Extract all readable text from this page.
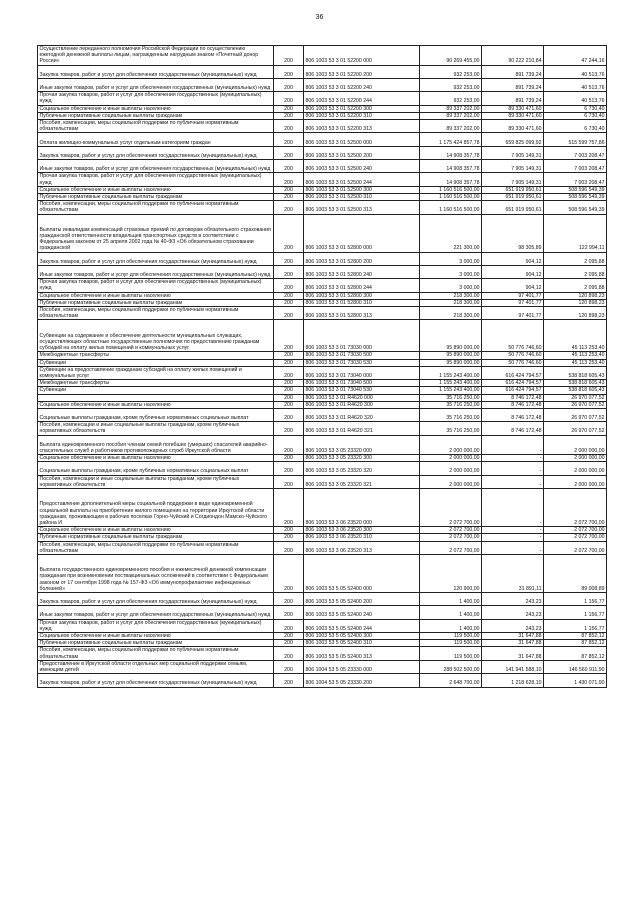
36
Осуществление переданного полномочия Российской Федерации по осуществлению ежегодной денежной выплаты лицам, награжденным нагрудным знаком «Почетный донор России»	200	806 1003 53 3 01 52200 000	90 269 455,00	90 222 210,84	47 244,16
Закупка товаров, работ и услуг для обеспечения государственных (муниципальных) нужд	200	806 1003 53 3 01 52200 200	932 253,00	891 739,24	40 513,76
Иные закупки товаров, работ и услуг для обеспечения государственных (муниципальных) нужд	200	806 1003 53 3 01 52200 240	932 253,00	891 739,24	40 513,76
Прочая закупка товаров, работ и услуг для обеспечения государственных (муниципальных) нужд	200	806 1003 53 3 01 52200 244	932 253,00	891 739,24	40 513,76
Социальное обеспечение и иные выплаты населению	200	806 1003 53 3 01 52200 300	89 337 202,00	89 330 471,60	6 730,40
Публичные нормативные социальные выплаты гражданам	200	806 1003 53 3 01 52200 310	89 337 202,00	89 330 471,60	6 730,40
Пособия, компенсации, меры социальной поддержки по публичным нормативным обязательствам	200	806 1003 53 3 01 52200 313	89 337 202,00	89 330 471,60	6 730,40
Оплата жилищно-коммунальных услуг отдельным категориям граждан	200	806 1003 53 3 01 52500 000	1 175 424 857,78	659 825 099,92	515 599 757,86
Закупка товаров, работ и услуг для обеспечения государственных (муниципальных) нужд	200	806 1003 53 3 01 52500 200	14 908 357,78	7 905 149,31	7 003 208,47
Иные закупки товаров, работ и услуг для обеспечения государственных (муниципальных) нужд	200	806 1003 53 3 01 52500 240	14 908 357,78	7 905 149,31	7 003 208,47
Прочая закупка товаров, работ и услуг для обеспечения государственных (муниципальных) нужд	200	806 1003 53 3 01 52500 244	14 908 357,78	7 905 149,31	7 003 208,47
Социальное обеспечение и иные выплаты населению	200	806 1003 53 3 01 52500 300	1 160 516 500,00	651 919 950,61	508 596 549,39
Публичные нормативные социальные выплаты гражданам	200	806 1003 53 3 01 52500 310	1 160 516 500,00	651 919 950,61	508 596 549,39
Пособия, компенсации, меры социальной поддержки по публичным нормативным обязательствам	200	806 1003 53 3 01 52500 313	1 160 516 500,00	651 919 950,61	508 596 549,39
Выплаты инвалидам компенсаций страховых премий по договорам обязательного страхования гражданской ответственности владельцев транспортных средств в соответствии с Федеральным законом от 25 апреля 2002 года № 40-ФЗ «Об обязательном страховании гражданской	200	806 1003 53 3 01 52800 000	221 300,00	98 305,89	122 994,11
Закупка товаров, работ и услуг для обеспечения государственных (муниципальных) нужд	200	806 1003 53 3 01 52800 200	3 000,00	904,12	2 095,88
Иные закупки товаров, работ и услуг для обеспечения государственных (муниципальных) нужд	200	806 1003 53 3 01 52800 240	3 000,00	904,12	2 095,88
Прочая закупка товаров, работ и услуг для обеспечения государственных (муниципальных) нужд	200	806 1003 53 3 01 52800 244	3 000,00	904,12	2 095,88
Социальное обеспечение и иные выплаты населению	200	806 1003 53 3 01 52800 300	218 300,00	97 401,77	120 898,23
Публичные нормативные социальные выплаты гражданам	200	806 1003 53 3 01 52800 310	218 300,00	97 401,77	120 898,23
Пособия, компенсации, меры социальной поддержки по публичным нормативным обязательствам	200	806 1003 53 3 01 52800 313	218 300,00	97 401,77	120 898,23
Субвенции на содержание и обеспечение деятельности муниципальных служащих, осуществляющих областные государственные полномочия по предоставлению гражданам субсидий на оплату жилых помещений и коммунальных услуг	200	806 1003 53 3 01 73030 000	95 890 000,00	50 776 746,60	45 113 253,40
Межбюджетные трансферты	200	806 1003 53 3 01 73030 500	95 890 000,00	50 776 746,60	45 113 253,40
Субвенции	200	806 1003 53 3 01 73030 530	95 890 000,00	50 776 746,60	45 113 253,40
Субвенции на предоставление гражданам субсидий на оплату жилых помещений и коммунальных услуг	200	806 1003 53 3 01 73040 000	1 155 243 400,00	616 424 794,57	538 818 605,43
Межбюджетные трансферты	200	806 1003 53 3 01 73040 500	1 155 243 400,00	616 424 794,57	538 818 605,43
Субвенции	200	806 1003 53 3 01 73040 530	1 155 243 400,00	616 424 794,57	538 818 605,43
	200	806 1003 53 3 01 R4620 000	35 716 250,00	8 746 172,48	26 970 077,52
Социальное обеспечение и иные выплаты населению	200	806 1003 53 3 01 R4620 300	35 716 250,00	8 746 172,48	26 970 077,52
Социальные выплаты гражданам, кроме публичных нормативных социальных выплат	200	806 1003 53 3 01 R4620 320	35 716 250,00	8 746 172,48	26 970 077,52
Пособия, компенсации и иные социальные выплаты гражданам, кроме публичных нормативных обязательств	200	806 1003 53 3 01 R4620 321	35 716 250,00	8 746 172,48	26 970 077,52
Выплата единовременного пособия членам семей погибших (умерших) спасателей аварийно-спасательных служб и работников противопожарных служб Иркутской области	200	806 1003 53 3 05 23320 000	2 000 000,00	-	2 000 000,00
Социальное обеспечение и иные выплаты населению	200	806 1003 53 3 05 23320 300	2 000 000,00	-	2 000 000,00
Социальные выплаты гражданам, кроме публичных нормативных социальных выплат	200	806 1003 53 3 05 23320 320	2 000 000,00	-	2 000 000,00
Пособия, компенсации и иные социальные выплаты гражданам, кроме публичных нормативных обязательств	200	806 1003 53 3 05 23320 321	2 000 000,00	-	2 000 000,00
Предоставление дополнительной меры социальной поддержки в виде единовременной социальной выплаты на приобретение жилого помещения на территории Иркутской области гражданам, проживающим в рабочих поселках Горно-Чуйский и Согдиондон Мамско-Чуйского района И	200	806 1003 53 3 06 23520 000	2 072 700,00	-	2 072 700,00
Социальное обеспечение и иные выплаты населению	200	806 1003 53 3 06 23520 300	2 072 700,00	-	2 072 700,00
Публичные нормативные социальные выплаты гражданам	200	806 1003 53 3 06 23520 310	2 072 700,00	-	2 072 700,00
Пособия, компенсации, меры социальной поддержки по публичным нормативным обязательствам	200	806 1003 53 3 06 23520 313	2 072 700,00	-	2 072 700,00
Выплата государственного единовременного пособия и ежемесячной денежной компенсации гражданам при возникновении поствакцинальных осложнений в соответствии с Федеральным законом от 17 сентября 1998 года № 157-ФЗ «Об иммунопрофилактике инфекционных болезней»	200	806 1003 53 5 05 52400 000	120 900,00	31 891,11	89 008,89
Закупка товаров, работ и услуг для обеспечения государственных (муниципальных) нужд	200	806 1003 53 5 05 52400 200	1 400,00	243,23	1 156,77
Иные закупки товаров, работ и услуг для обеспечения государственных (муниципальных) нужд	200	806 1003 53 5 05 52400 240	1 400,00	243,23	1 156,77
Прочая закупка товаров, работ и услуг для обеспечения государственных (муниципальных) нужд	200	806 1003 53 5 05 52400 244	1 400,00	243,23	1 156,77
Социальное обеспечение и иные выплаты населению	200	806 1003 53 5 05 52400 300	119 500,00	31 647,88	87 852,12
Публичные нормативные социальные выплаты гражданам	200	806 1003 53 5 05 52400 310	119 500,00	31 647,88	87 852,12
Пособия, компенсации, меры социальной поддержки по публичным нормативным обязательствам	200	806 1003 53 5 05 52400 313	119 500,00	31 647,88	87 852,12
Предоставление в Иркутской области отдельных мер социальной поддержки семьям, имеющим детей	200	806 1004 53 5 05 23330 000	288 502 500,00	141 941 588,10	146 560 911,90
Закупка товаров, работ и услуг для обеспечения государственных (муниципальных) нужд	200	806 1004 53 5 05 23330 200	2 648 700,00	1 218 628,10	1 430 071,90
